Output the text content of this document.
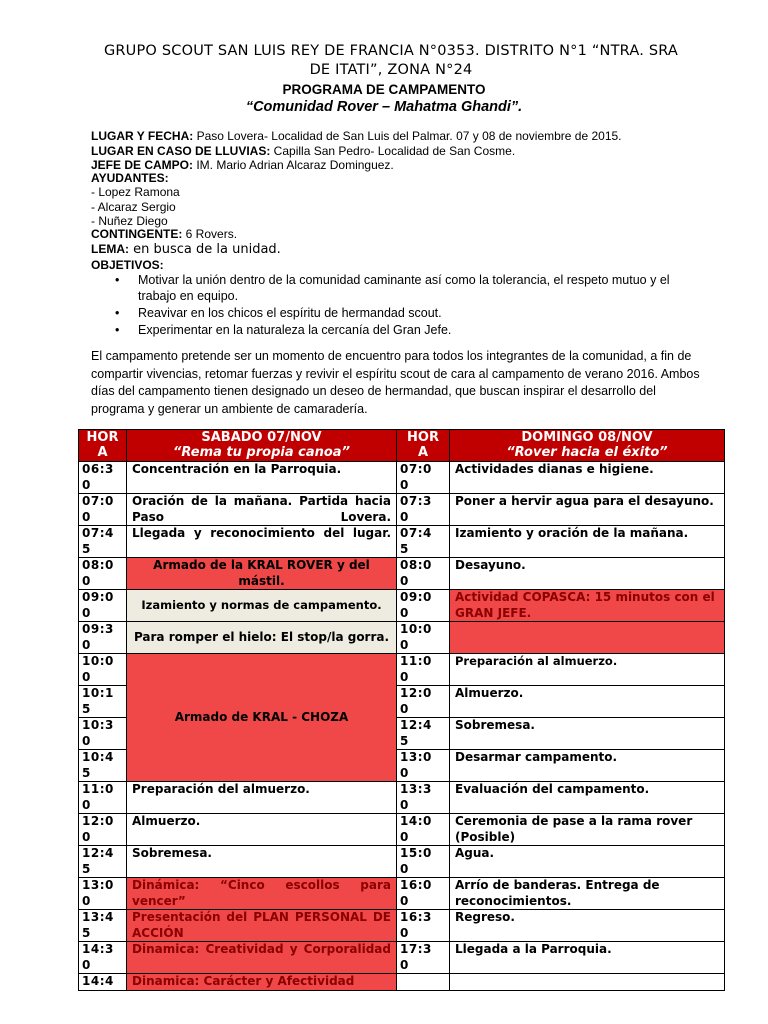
GRUPO SCOUT SAN LUIS REY DE FRANCIA N°0353. DISTRITO N°1 “NTRA. SRA
DE ITATI”, ZONA N°24
PROGRAMA DE CAMPAMENTO
“Comunidad Rover – Mahatma Ghandi”.
LUGAR Y FECHA: Paso Lovera- Localidad de San Luis del Palmar. 07 y 08 de noviembre de 2015.
LUGAR EN CASO DE LLUVIAS: Capilla San Pedro- Localidad de San Cosme.
JEFE DE CAMPO: IM. Mario Adrian Alcaraz Dominguez.
AYUDANTES:
- Lopez Ramona
- Alcaraz Sergio
- Nuñez Diego
CONTINGENTE: 6 Rovers.
LEMA: en busca de la unidad.
OBJETIVOS:
• Motivar la unión dentro de la comunidad caminante así como la tolerancia, el respeto mutuo y el trabajo en equipo.
• Reavivar en los chicos el espíritu de hermandad scout.
• Experimentar en la naturaleza la cercanía del Gran Jefe.
El campamento pretende ser un momento de encuentro para todos los integrantes de la comunidad, a fin de compartir vivencias, retomar fuerzas y revivir el espíritu scout de cara al campamento de verano 2016. Ambos días del campamento tienen designado un deseo de hermandad, que buscan inspirar el desarrollo del programa y generar un ambiente de camaradería.
HOR
A	SABADO 07/NOV
“Rema tu propia canoa”	HOR
A	DOMINGO 08/NOV
“Rover hacia el éxito”

06:3
0	Concentración en la Parroquia.	07:0
0	Actividades dianas e higiene.
07:0
0	Oración de la mañana. Partida hacia Paso Lovera.	07:3
0	Poner a hervir agua para el desayuno.
07:4
5	Llegada y reconocimiento del lugar.	07:4
5	Izamiento y oración de la mañana.
08:0
0	Armado de la KRAL ROVER y del mástil.	08:0
0	Desayuno.
09:0
0	Izamiento y normas de campamento.	09:0
0	Actividad COPASCA: 15 minutos con el GRAN JEFE.
09:3
0	Para romper el hielo: El stop/la gorra.	10:0
0	
10:0
0	Armado de KRAL - CHOZA	11:0
0	Preparación al almuerzo.
10:1
5		12:0
0	Almuerzo.
10:3
0		12:4
5	Sobremesa.
10:4
5		13:0
0	Desarmar campamento.
11:0
0	Preparación del almuerzo.	13:3
0	Evaluación del campamento.
12:0
0	Almuerzo.	14:0
0	Ceremonia de pase a la rama rover (Posible)
12:4
5	Sobremesa.	15:0
0	Agua.
13:0
0	Dinámica: “Cinco escollos para vencer”	16:0
0	Arrío de banderas. Entrega de reconocimientos.
13:4
5	Presentación del PLAN PERSONAL DE ACCIÓN	16:3
0	Regreso.
14:3
0	Dinamica: Creatividad y Corporalidad	17:3
0	Llegada a la Parroquia.
14:4	Dinamica: Carácter y Afectividad		
